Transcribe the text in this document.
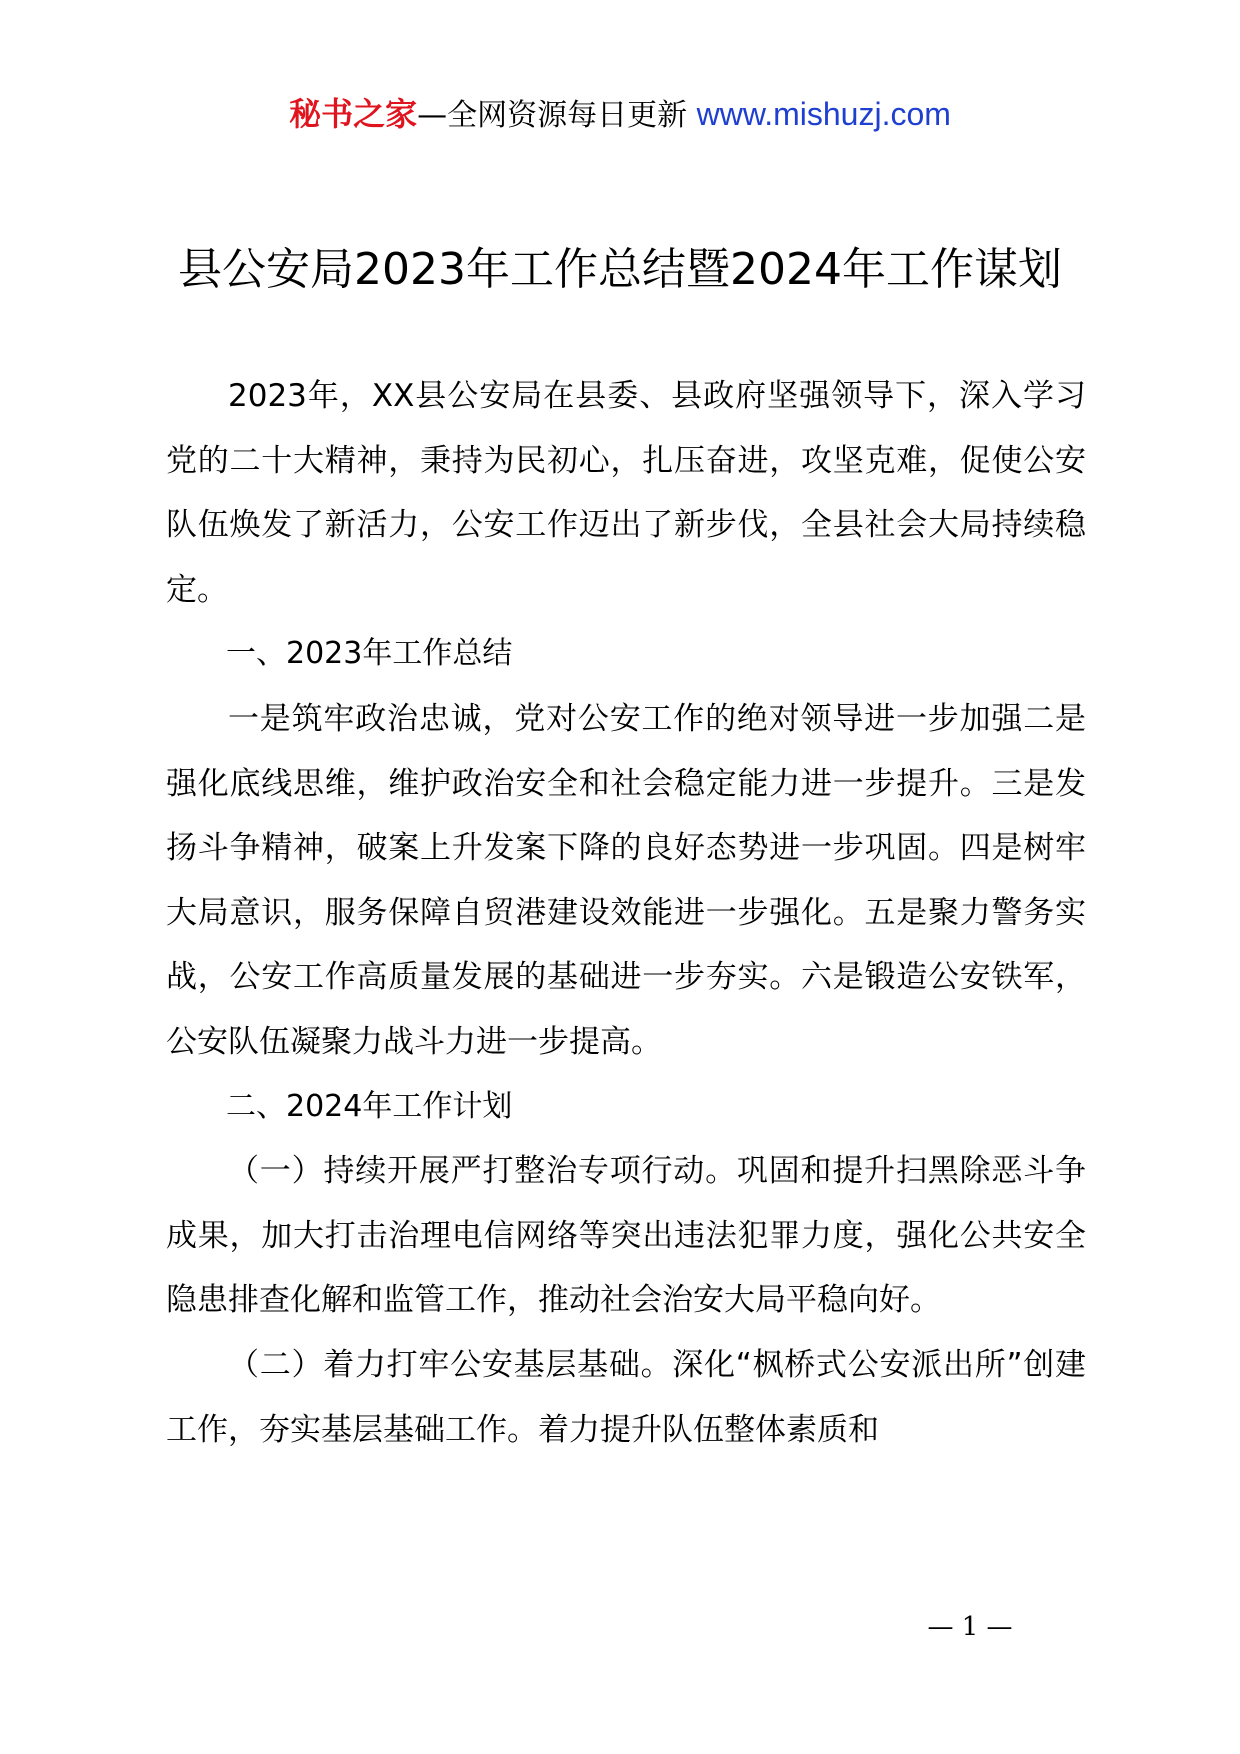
秘书之家—全网资源每日更新 www.mishuzj.com
县公安局2023年工作总结暨2024年工作谋划

2023年，XX县公安局在县委、县政府坚强领导下，深入学习党的二十大精神，秉持为民初心，扎压奋进，攻坚克难，促使公安队伍焕发了新活力，公安工作迈出了新步伐，全县社会大局持续稳定。

一、2023年工作总结

一是筑牢政治忠诚，党对公安工作的绝对领导进一步加强二是强化底线思维，维护政治安全和社会稳定能力进一步提升。三是发扬斗争精神，破案上升发案下降的良好态势进一步巩固。四是树牢大局意识，服务保障自贸港建设效能进一步强化。五是聚力警务实战，公安工作高质量发展的基础进一步夯实。六是锻造公安铁军，公安队伍凝聚力战斗力进一步提高。

二、2024年工作计划

（一）持续开展严打整治专项行动。巩固和提升扫黑除恶斗争成果，加大打击治理电信网络等突出违法犯罪力度，强化公共安全隐患排查化解和监管工作，推动社会治安大局平稳向好。

（二）着力打牢公安基层基础。深化“枫桥式公安派出所”创建工作，夯实基层基础工作。着力提升队伍整体素质和

— 1 —
